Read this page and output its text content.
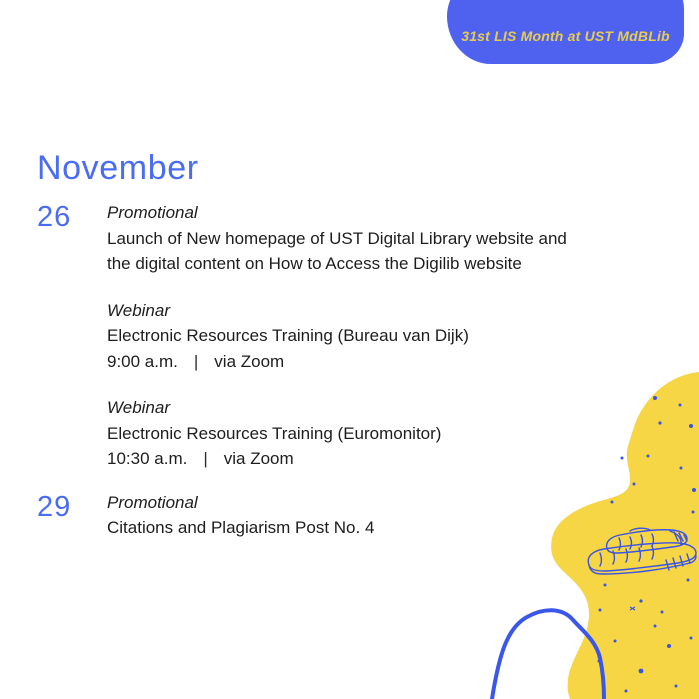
31st LIS Month at UST MdBLib
November
26	Promotional
Launch of New homepage of UST Digital Library website and
the digital content on How to Access the Digilib website
Webinar
Electronic Resources Training (Bureau van Dijk)
9:00 a.m. | via Zoom
Webinar
Electronic Resources Training (Euromonitor)
10:30 a.m. | via Zoom
29	Promotional
Citations and Plagiarism Post No. 4
